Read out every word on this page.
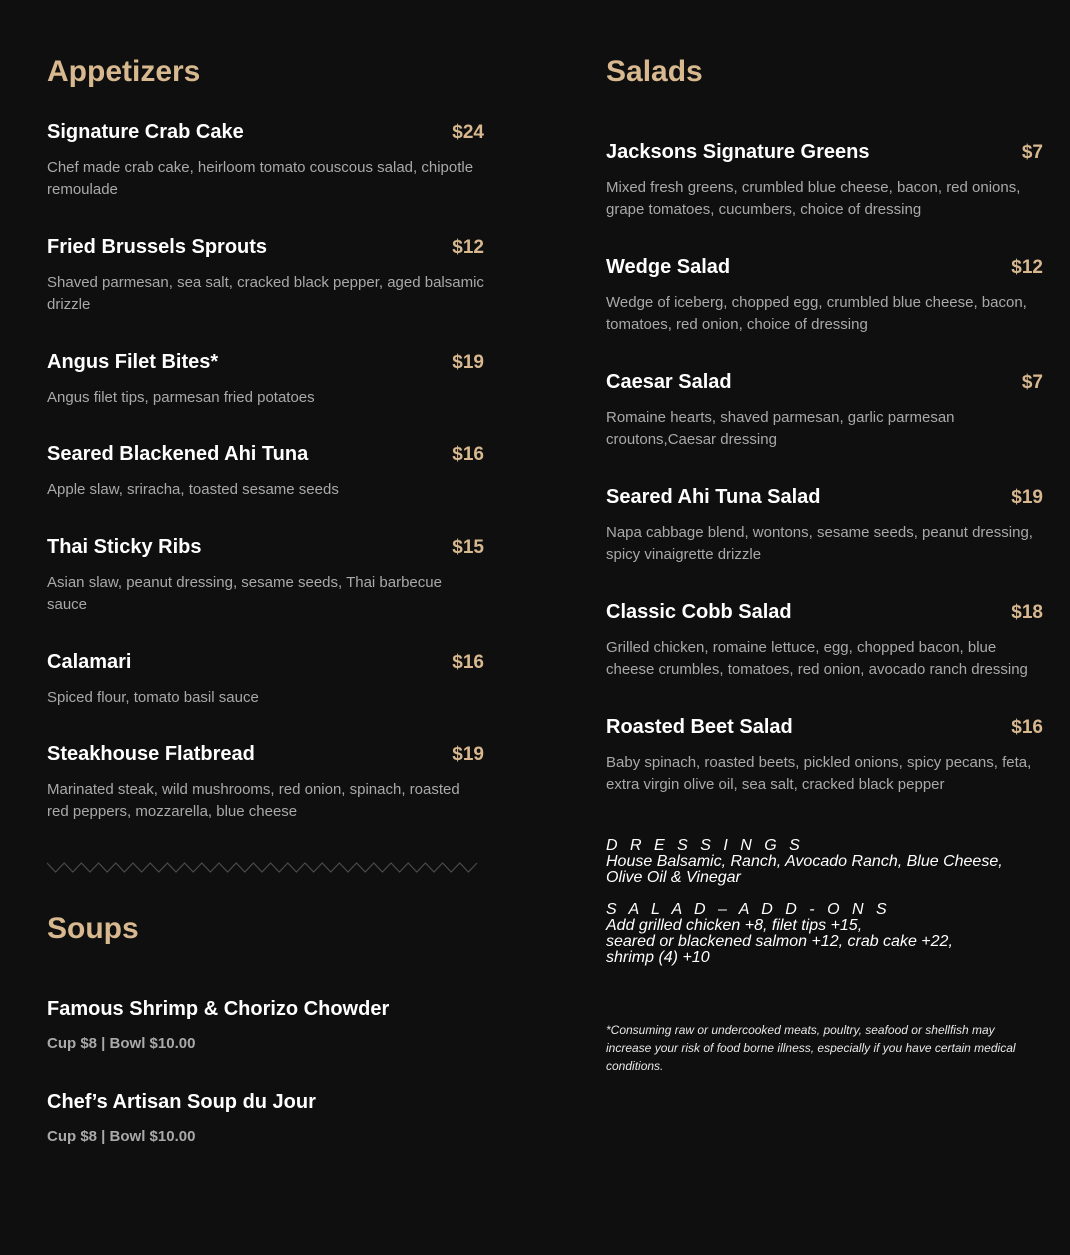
Appetizers
Signature Crab Cake	$24
Chef made crab cake, heirloom tomato couscous salad, chipotle remoulade
Fried Brussels Sprouts	$12
Shaved parmesan, sea salt, cracked black pepper, aged balsamic drizzle
Angus Filet Bites*	$19
Angus filet tips, parmesan fried potatoes
Seared Blackened Ahi Tuna	$16
Apple slaw, sriracha, toasted sesame seeds
Thai Sticky Ribs	$15
Asian slaw, peanut dressing, sesame seeds, Thai barbecue sauce
Calamari	$16
Spiced flour, tomato basil sauce
Steakhouse Flatbread	$19
Marinated steak, wild mushrooms, red onion, spinach, roasted red peppers, mozzarella, blue cheese
Soups
Famous Shrimp & Chorizo Chowder
Cup $8 | Bowl $10.00
Chef’s Artisan Soup du Jour
Cup $8 | Bowl $10.00
Salads
Jacksons Signature Greens	$7
Mixed fresh greens, crumbled blue cheese, bacon, red onions, grape tomatoes, cucumbers, choice of dressing
Wedge Salad	$12
Wedge of iceberg, chopped egg, crumbled blue cheese, bacon, tomatoes, red onion, choice of dressing
Caesar Salad	$7
Romaine hearts, shaved parmesan, garlic parmesan croutons,Caesar dressing
Seared Ahi Tuna Salad	$19
Napa cabbage blend, wontons, sesame seeds, peanut dressing, spicy vinaigrette drizzle
Classic Cobb Salad	$18
Grilled chicken, romaine lettuce, egg, chopped bacon, blue cheese crumbles, tomatoes, red onion, avocado ranch dressing
Roasted Beet Salad	$16
Baby spinach, roasted beets, pickled onions, spicy pecans, feta, extra virgin olive oil, sea salt, cracked black pepper
D R E S S I N G S
House Balsamic, Ranch, Avocado Ranch, Blue Cheese,
Olive Oil & Vinegar
S A L A D – A D D - O N S
Add grilled chicken +8, filet tips +15,
seared or blackened salmon +12, crab cake +22,
shrimp (4) +10
*Consuming raw or undercooked meats, poultry, seafood or shellfish may increase your risk of food borne illness, especially if you have certain medical conditions.
